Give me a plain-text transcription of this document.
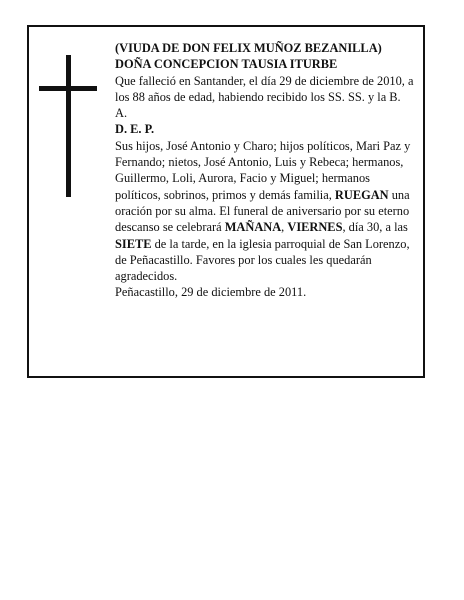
(VIUDA DE DON FELIX MUÑOZ BEZANILLA)

DOÑA CONCEPCION TAUSIA ITURBE

Que falleció en Santander, el día 29 de diciembre de 2010, a los 88 años de edad, habiendo recibido los SS. SS. y la B. A.

D. E. P.

Sus hijos, José Antonio y Charo; hijos políticos, Mari Paz y Fernando; nietos, José Antonio, Luis y Rebeca; hermanos, Guillermo, Loli, Aurora, Facio y Miguel; hermanos políticos, sobrinos, primos y demás familia, RUEGAN una oración por su alma. El funeral de aniversario por su eterno descanso se celebrará MAÑANA, VIERNES, día 30, a las SIETE de la tarde, en la iglesia parroquial de San Lorenzo, de Peñacastillo. Favores por los cuales les quedarán agradecidos.

Peñacastillo, 29 de diciembre de 2011.
